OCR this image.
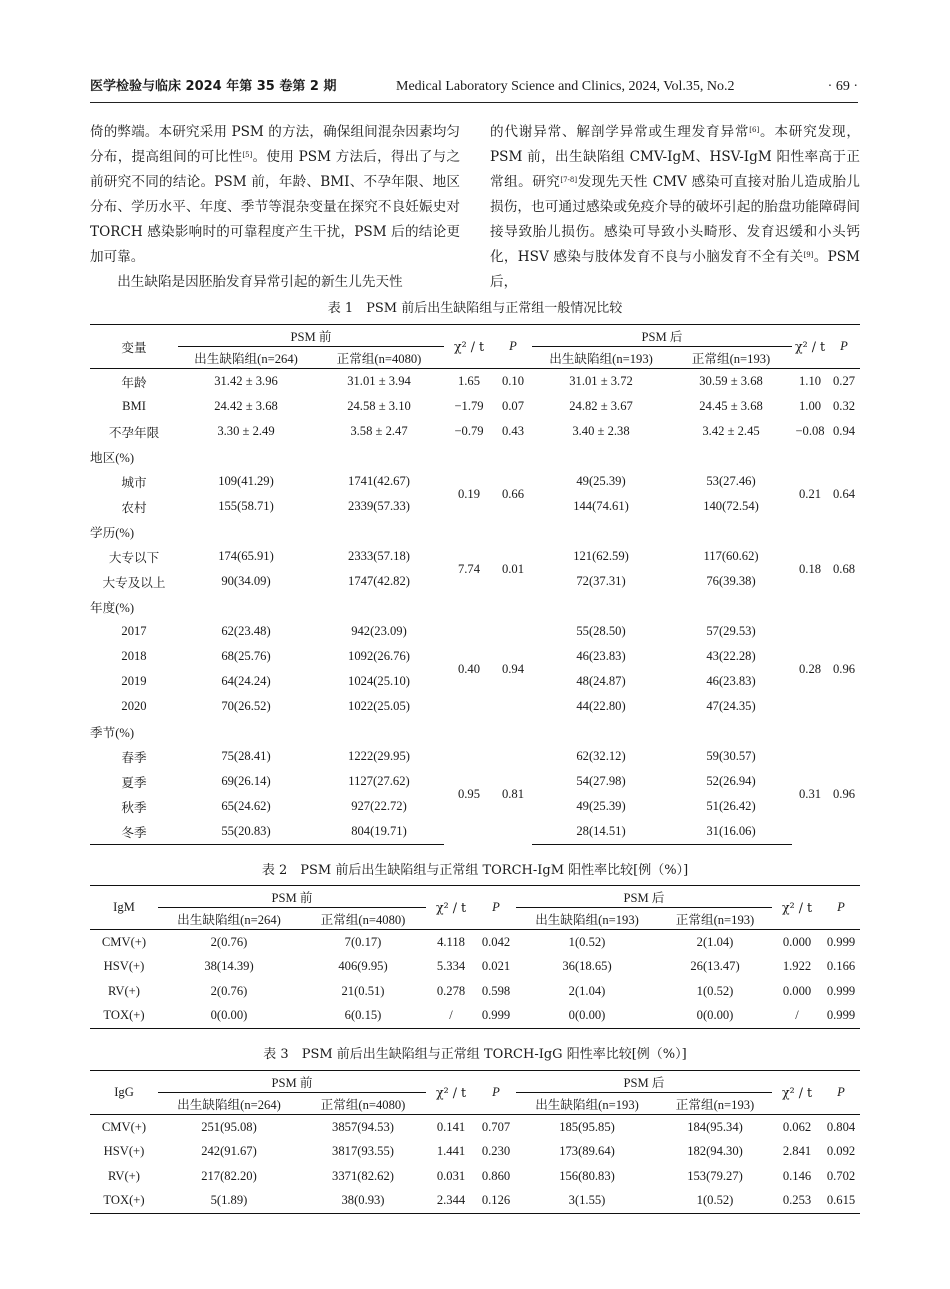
医学检验与临床 2024 年第 35 卷第 2 期	Medical Laboratory Science and Clinics, 2024, Vol.35, No.2	· 69 ·

倚的弊端。本研究采用 PSM 的方法，确保组间混杂因素均匀分布，提高组间的可比性[5]。使用 PSM 方法后，得出了与之前研究不同的结论。PSM 前，年龄、BMI、不孕年限、地区分布、学历水平、年度、季节等混杂变量在探究不良妊娠史对 TORCH 感染影响时的可靠程度产生干扰，PSM 后的结论更加可靠。

出生缺陷是因胚胎发育异常引起的新生儿先天性

的代谢异常、解剖学异常或生理发育异常[6]。本研究发现，PSM 前，出生缺陷组 CMV-IgM、HSV-IgM 阳性率高于正常组。研究[7-8]发现先天性 CMV 感染可直接对胎儿造成胎儿损伤，也可通过感染或免疫介导的破坏引起的胎盘功能障碍间接导致胎儿损伤。感染可导致小头畸形、发育迟缓和小头钙化，HSV 感染与肢体发育不良与小脑发育不全有关[9]。PSM 后，

表 1　PSM 前后出生缺陷组与正常组一般情况比较
变量	PSM 前		χ² / t	P	PSM 后		χ² / t	P
	出生缺陷组(n=264)	正常组(n=4080)			出生缺陷组(n=193)	正常组(n=193)		
年龄	31.42 ± 3.96	31.01 ± 3.94	1.65	0.10	31.01 ± 3.72	30.59 ± 3.68	1.10	0.27
BMI	24.42 ± 3.68	24.58 ± 3.10	−1.79	0.07	24.82 ± 3.67	24.45 ± 3.68	1.00	0.32
不孕年限	3.30 ± 2.49	3.58 ± 2.47	−0.79	0.43	3.40 ± 2.38	3.42 ± 2.45	−0.08	0.94
地区(%)								
城市	109(41.29)	1741(42.67)	0.19	0.66	49(25.39)	53(27.46)	0.21	0.64
农村	155(58.71)	2339(57.33)			144(74.61)	140(72.54)		
学历(%)								
大专以下	174(65.91)	2333(57.18)	7.74	0.01	121(62.59)	117(60.62)	0.18	0.68
大专及以上	90(34.09)	1747(42.82)			72(37.31)	76(39.38)		
年度(%)								
2017	62(23.48)	942(23.09)	0.40	0.94	55(28.50)	57(29.53)	0.28	0.96
2018	68(25.76)	1092(26.76)			46(23.83)	43(22.28)		
2019	64(24.24)	1024(25.10)			48(24.87)	46(23.83)		
2020	70(26.52)	1022(25.05)			44(22.80)	47(24.35)		
季节(%)								
春季	75(28.41)	1222(29.95)	0.95	0.81	62(32.12)	59(30.57)	0.31	0.96
夏季	69(26.14)	1127(27.62)			54(27.98)	52(26.94)		
秋季	65(24.62)	927(22.72)			49(25.39)	51(26.42)		
冬季	55(20.83)	804(19.71)			28(14.51)	31(16.06)		
表 2　PSM 前后出生缺陷组与正常组 TORCH-IgM 阳性率比较[例（%）]
IgM	PSM 前		χ² / t	P	PSM 后		χ² / t	P
	出生缺陷组(n=264)	正常组(n=4080)			出生缺陷组(n=193)	正常组(n=193)		
CMV(+)	2(0.76)	7(0.17)	4.118	0.042	1(0.52)	2(1.04)	0.000	0.999
HSV(+)	38(14.39)	406(9.95)	5.334	0.021	36(18.65)	26(13.47)	1.922	0.166
RV(+)	2(0.76)	21(0.51)	0.278	0.598	2(1.04)	1(0.52)	0.000	0.999
TOX(+)	0(0.00)	6(0.15)	/	0.999	0(0.00)	0(0.00)	/	0.999
表 3　PSM 前后出生缺陷组与正常组 TORCH-IgG 阳性率比较[例（%）]
IgG	PSM 前		χ² / t	P	PSM 后		χ² / t	P
	出生缺陷组(n=264)	正常组(n=4080)			出生缺陷组(n=193)	正常组(n=193)		
CMV(+)	251(95.08)	3857(94.53)	0.141	0.707	185(95.85)	184(95.34)	0.062	0.804
HSV(+)	242(91.67)	3817(93.55)	1.441	0.230	173(89.64)	182(94.30)	2.841	0.092
RV(+)	217(82.20)	3371(82.62)	0.031	0.860	156(80.83)	153(79.27)	0.146	0.702
TOX(+)	5(1.89)	38(0.93)	2.344	0.126	3(1.55)	1(0.52)	0.253	0.615
